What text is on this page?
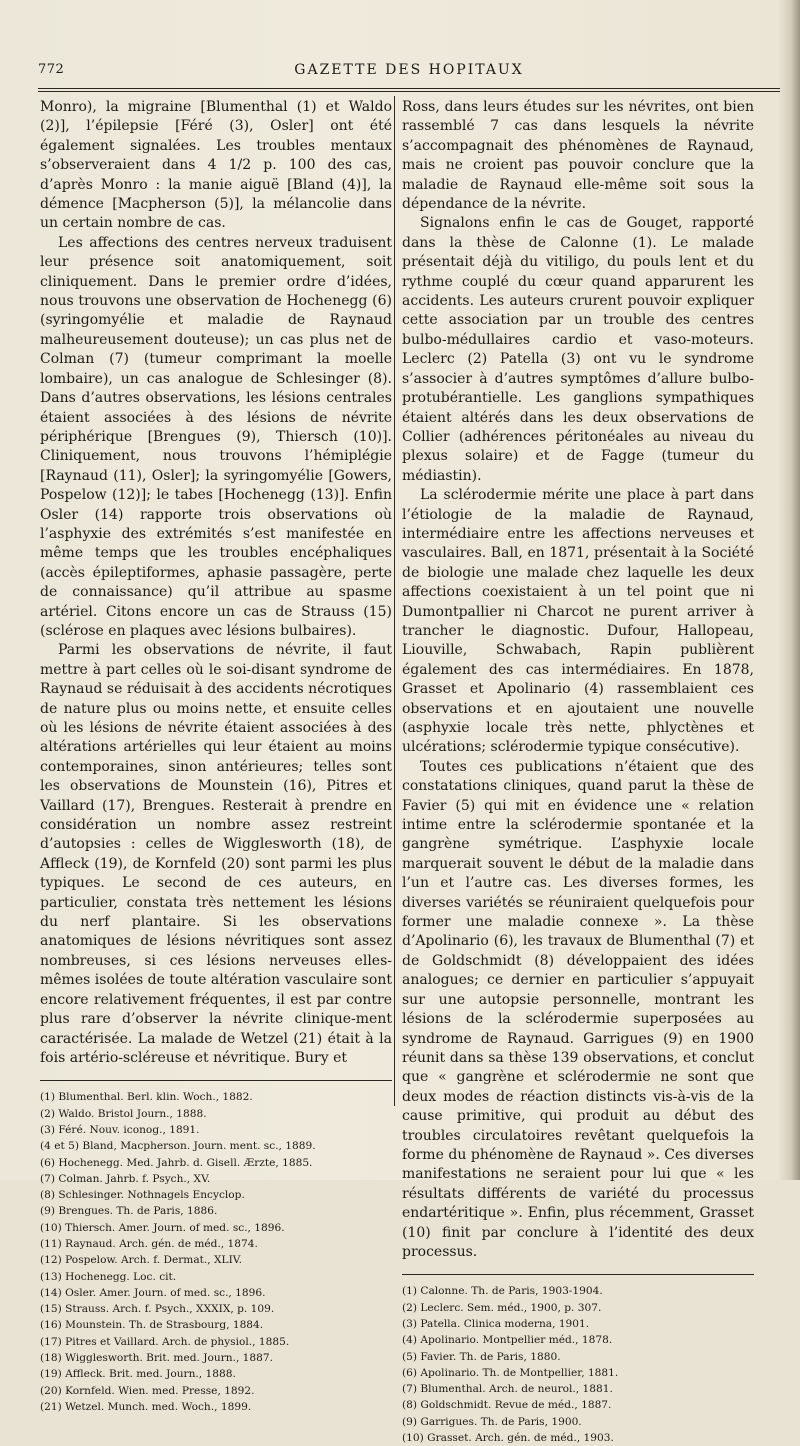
772	GAZETTE DES HOPITAUX

Monro), la migraine [Blumenthal (1) et Waldo (2)], l’épilepsie [Féré (3), Osler] ont été également signalées. Les troubles mentaux s’observeraient dans 4 1/2 p. 100 des cas, d’après Monro : la manie aiguë [Bland (4)], la démence [Macpherson (5)], la mélancolie dans un certain nombre de cas.

Les affections des centres nerveux traduisent leur présence soit anatomiquement, soit cliniquement. Dans le premier ordre d’idées, nous trouvons une observation de Hochenegg (6) (syringomyélie et maladie de Raynaud malheureusement douteuse); un cas plus net de Colman (7) (tumeur comprimant la moelle lombaire), un cas analogue de Schlesinger (8). Dans d’autres observations, les lésions centrales étaient associées à des lésions de névrite périphérique [Brengues (9), Thiersch (10)]. Cliniquement, nous trouvons l’hémiplégie [Raynaud (11), Osler]; la syringomyélie [Gowers, Pospelow (12)]; le tabes [Hochenegg (13)]. Enfin Osler (14) rapporte trois observations où l’asphyxie des extrémités s’est manifestée en même temps que les troubles encéphaliques (accès épileptiformes, aphasie passagère, perte de connaissance) qu’il attribue au spasme artériel. Citons encore un cas de Strauss (15) (sclérose en plaques avec lésions bulbaires).

Parmi les observations de névrite, il faut mettre à part celles où le soi-disant syndrome de Raynaud se réduisait à des accidents nécrotiques de nature plus ou moins nette, et ensuite celles où les lésions de névrite étaient associées à des altérations artérielles qui leur étaient au moins contemporaines, sinon antérieures; telles sont les observations de Mounstein (16), Pitres et Vaillard (17), Brengues. Resterait à prendre en considération un nombre assez restreint d’autopsies : celles de Wigglesworth (18), de Affleck (19), de Kornfeld (20) sont parmi les plus typiques. Le second de ces auteurs, en particulier, constata très nettement les lésions du nerf plantaire. Si les observations anatomiques de lésions névritiques sont assez nombreuses, si ces lésions nerveuses elles-mêmes isolées de toute altération vasculaire sont encore relativement fréquentes, il est par contre plus rare d’observer la névrite clinique-ment caractérisée. La malade de Wetzel (21) était à la fois artério-scléreuse et névritique. Bury et

(1) Blumenthal. Berl. klin. Woch., 1882.
(2) Waldo. Bristol Journ., 1888.
(3) Féré. Nouv. iconog., 1891.
(4 et 5) Bland, Macpherson. Journ. ment. sc., 1889.
(6) Hochenegg. Med. Jahrb. d. Gisell. Ærzte, 1885.
(7) Colman. Jahrb. f. Psych., XV.
(8) Schlesinger. Nothnagels Encyclop.
(9) Brengues. Th. de Paris, 1886.
(10) Thiersch. Amer. Journ. of med. sc., 1896.
(11) Raynaud. Arch. gén. de méd., 1874.
(12) Pospelow. Arch. f. Dermat., XLIV.
(13) Hochenegg. Loc. cit.
(14) Osler. Amer. Journ. of med. sc., 1896.
(15) Strauss. Arch. f. Psych., XXXIX, p. 109.
(16) Mounstein. Th. de Strasbourg, 1884.
(17) Pitres et Vaillard. Arch. de physiol., 1885.
(18) Wigglesworth. Brit. med. Journ., 1887.
(19) Affleck. Brit. med. Journ., 1888.
(20) Kornfeld. Wien. med. Presse, 1892.
(21) Wetzel. Munch. med. Woch., 1899.

Ross, dans leurs études sur les névrites, ont bien rassemblé 7 cas dans lesquels la névrite s’accompagnait des phénomènes de Raynaud, mais ne croient pas pouvoir conclure que la maladie de Raynaud elle-même soit sous la dépendance de la névrite.

Signalons enfin le cas de Gouget, rapporté dans la thèse de Calonne (1). Le malade présentait déjà du vitiligo, du pouls lent et du rythme couplé du cœur quand apparurent les accidents. Les auteurs crurent pouvoir expliquer cette association par un trouble des centres bulbo-médullaires cardio et vaso-moteurs. Leclerc (2) Patella (3) ont vu le syndrome s’associer à d’autres symptômes d’allure bulbo-protubérantielle. Les ganglions sympathiques étaient altérés dans les deux observations de Collier (adhérences péritonéales au niveau du plexus solaire) et de Fagge (tumeur du médiastin).

La sclérodermie mérite une place à part dans l’étiologie de la maladie de Raynaud, intermédiaire entre les affections nerveuses et vasculaires. Ball, en 1871, présentait à la Société de biologie une malade chez laquelle les deux affections coexistaient à un tel point que ni Dumontpallier ni Charcot ne purent arriver à trancher le diagnostic. Dufour, Hallopeau, Liouville, Schwabach, Rapin publièrent également des cas intermédiaires. En 1878, Grasset et Apolinario (4) rassemblaient ces observations et en ajoutaient une nouvelle (asphyxie locale très nette, phlyctènes et ulcérations; sclérodermie typique consécutive).

Toutes ces publications n’étaient que des constatations cliniques, quand parut la thèse de Favier (5) qui mit en évidence une « relation intime entre la sclérodermie spontanée et la gangrène symétrique. L’asphyxie locale marquerait souvent le début de la maladie dans l’un et l’autre cas. Les diverses formes, les diverses variétés se réuniraient quelquefois pour former une maladie connexe ». La thèse d’Apolinario (6), les travaux de Blumenthal (7) et de Goldschmidt (8) développaient des idées analogues; ce dernier en particulier s’appuyait sur une autopsie personnelle, montrant les lésions de la sclérodermie superposées au syndrome de Raynaud. Garrigues (9) en 1900 réunit dans sa thèse 139 observations, et conclut que « gangrène et sclérodermie ne sont que deux modes de réaction distincts vis-à-vis de la cause primitive, qui produit au début des troubles circulatoires revêtant quelquefois la forme du phénomène de Raynaud ». Ces diverses manifestations ne seraient pour lui que « les résultats différents de variété du processus endartéritique ». Enfin, plus récemment, Grasset (10) finit par conclure à l’identité des deux processus.

(1) Calonne. Th. de Paris, 1903-1904.
(2) Leclerc. Sem. méd., 1900, p. 307.
(3) Patella. Clinica moderna, 1901.
(4) Apolinario. Montpellier méd., 1878.
(5) Favier. Th. de Paris, 1880.
(6) Apolinario. Th. de Montpellier, 1881.
(7) Blumenthal. Arch. de neurol., 1881.
(8) Goldschmidt. Revue de méd., 1887.
(9) Garrigues. Th. de Paris, 1900.
(10) Grasset. Arch. gén. de méd., 1903.
